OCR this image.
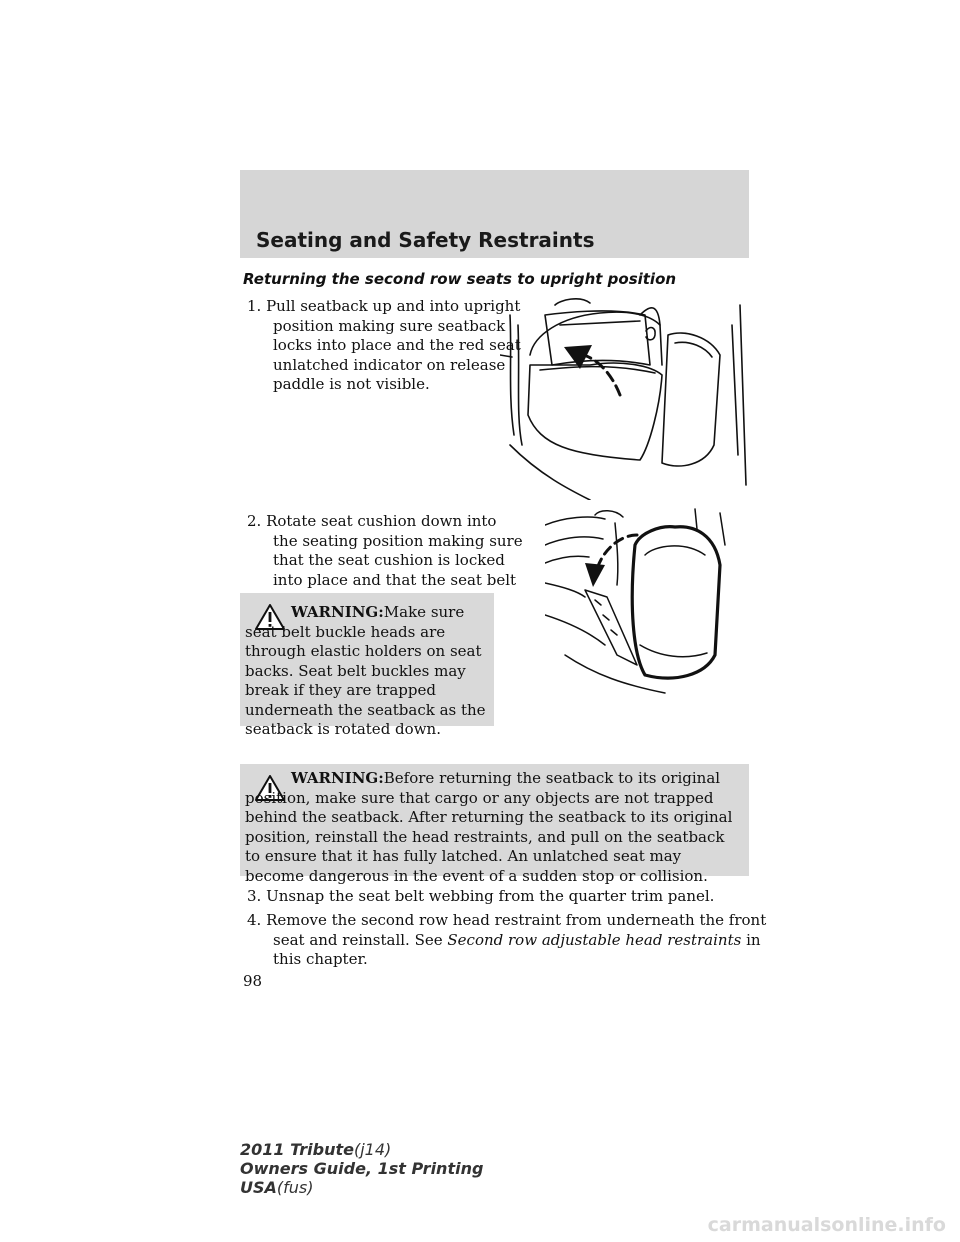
Seating and Safety Restraints
Returning the second row seats to upright position
1. Pull seatback up and into upright position making sure seatback locks into place and the red seat unlatched indicator on release paddle is not visible.
2. Rotate seat cushion down into the seating position making sure that the seat cushion is locked into place and that the seat belt
WARNING:Make sure seat belt buckle heads are through elastic holders on seat backs. Seat belt buckles may break if they are trapped underneath the seatback as the seatback is rotated down.
WARNING:Before returning the seatback to its original position, make sure that cargo or any objects are not trapped behind the seatback. After returning the seatback to its original position, reinstall the head restraints, and pull on the seatback to ensure that it has fully latched. An unlatched seat may become dangerous in the event of a sudden stop or collision.
3. Unsnap the seat belt webbing from the quarter trim panel.
4. Remove the second row head restraint from underneath the front seat and reinstall. See Second row adjustable head restraints in this chapter.
98
2011 Tribute(j14)
Owners Guide, 1st Printing
USA(fus)
carmanualsonline.info
